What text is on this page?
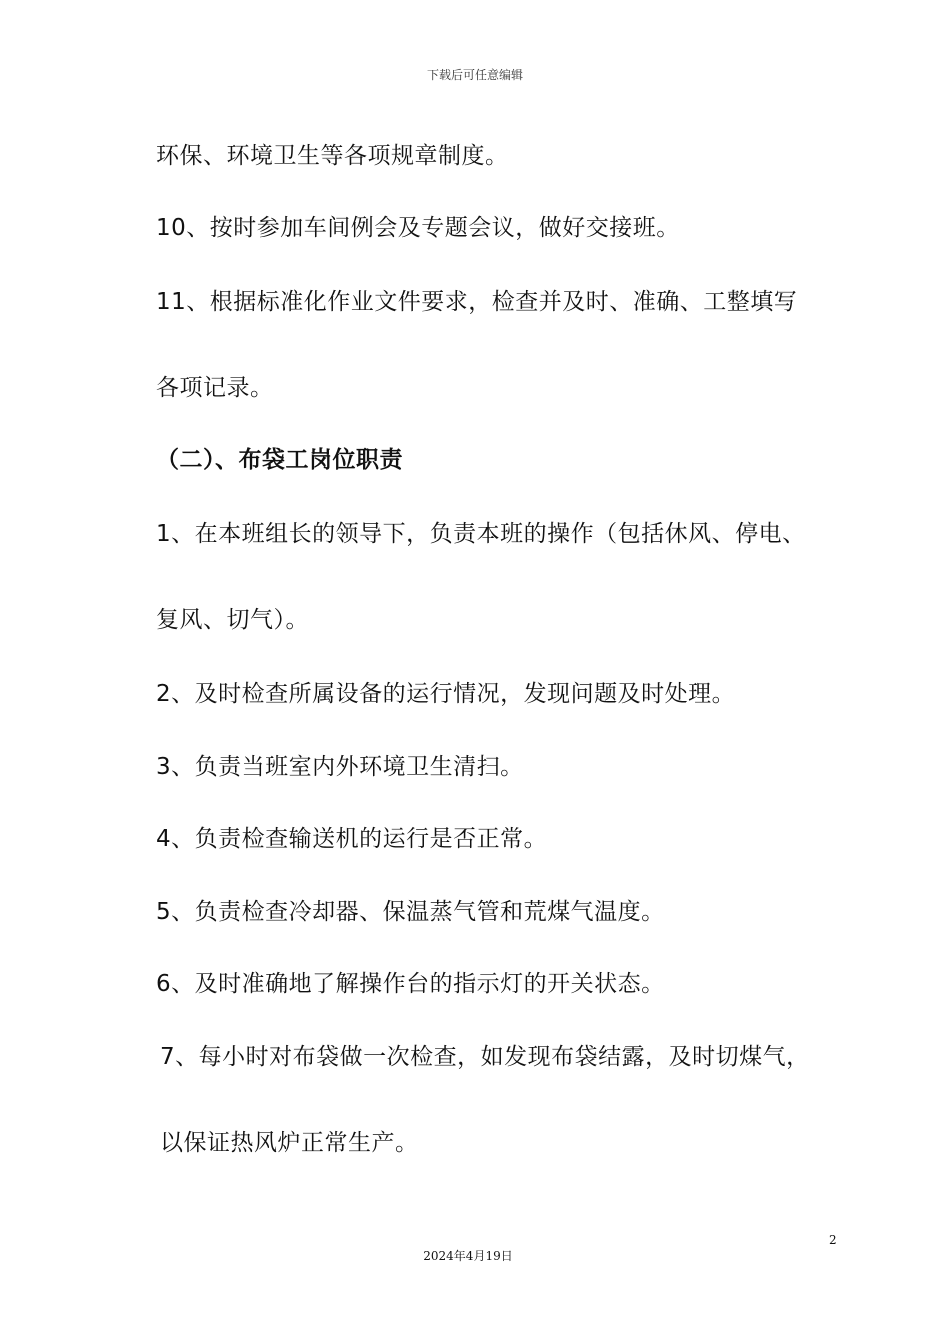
下载后可任意编辑
环保、环境卫生等各项规章制度。
10、按时参加车间例会及专题会议，做好交接班。
11、根据标准化作业文件要求，检查并及时、准确、工整填写
各项记录。
（二）、布袋工岗位职责
1、在本班组长的领导下，负责本班的操作（包括休风、停电、
复风、切气）。
2、及时检查所属设备的运行情况，发现问题及时处理。
3、负责当班室内外环境卫生清扫。
4、负责检查输送机的运行是否正常。
5、负责检查冷却器、保温蒸气管和荒煤气温度。
6、及时准确地了解操作台的指示灯的开关状态。
7、每小时对布袋做一次检查，如发现布袋结露，及时切煤气，
以保证热风炉正常生产。
2
2024年4月19日
